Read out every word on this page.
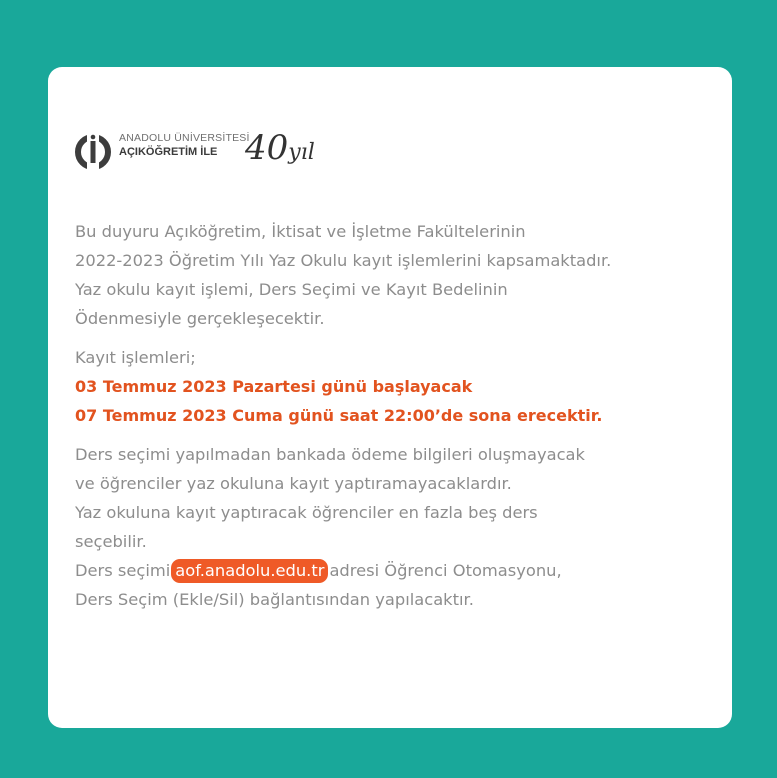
ANADOLU ÜNİVERSİTESİ
AÇIKÖĞRETİM İLE 40yıl
Bu duyuru Açıköğretim, İktisat ve İşletme Fakültelerinin
2022-2023 Öğretim Yılı Yaz Okulu kayıt işlemlerini kapsamaktadır.
Yaz okulu kayıt işlemi, Ders Seçimi ve Kayıt Bedelinin
Ödenmesiyle gerçekleşecektir.
Kayıt işlemleri;
03 Temmuz 2023 Pazartesi günü başlayacak
07 Temmuz 2023 Cuma günü saat 22:00’de sona erecektir.
Ders seçimi yapılmadan bankada ödeme bilgileri oluşmayacak
ve öğrenciler yaz okuluna kayıt yaptıramayacaklardır.
Yaz okuluna kayıt yaptıracak öğrenciler en fazla beş ders
seçebilir.
Ders seçimi aof.anadolu.edu.tr adresi Öğrenci Otomasyonu,
Ders Seçim (Ekle/Sil) bağlantısından yapılacaktır.
